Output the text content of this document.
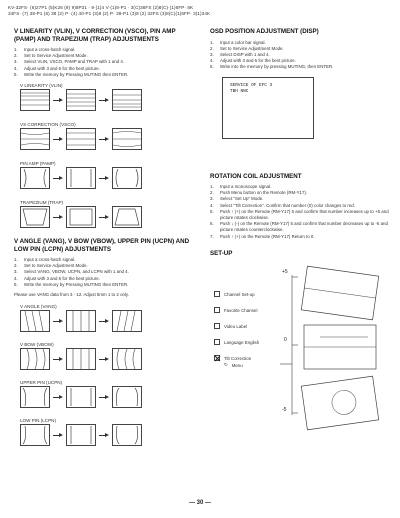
KV-32FS· (6)27P1 (5)K26 (9) 9)8P31 · 9·(1)4 V·(1)8-P1 · 3(C)36FS (2)8(C)·(1)6FP· 8K
34FS· (7) 38-P1 (6) 38 (2) P· (4) 40-P1 (3)8 (2) P· 39-P1 (3)8 (2) 32FS (3)8(C)(1)6FP· 3(1)34K
V LINEARITY (VLIN), V CORRECTION (VSCO), PIN AMP (PAMP) AND TRAPEZIUM (TRAP) ADJUSTMENTS
1.	Input a cross-hatch signal.
2.	Set to Service Adjustment Mode.
3.	Select VLIN, VSCO, PAMP and TRAP with 1 and 4.
4.	Adjust with 3 and 6 for the best picture.
5.	Write the memory by Pressing MUTING then ENTER.
V LINEARITY (VLIN)
VS CORRECTION (VSCO)
PIN AMP (PAMP)
TRAPEZIUM (TRAP)
V ANGLE (VANG), V BOW (VBOW), UPPER PIN (UCPN) AND LOW PIN (LCPN) ADJUSTMENTS
1.	Input a cross-hatch signal.
2.	Set to Service Adjustment Mode.
3.	Select VANG, VBOW, UCPN, and LCPN with 1 and 4.
4.	Adjust with 3 and 6 for the best picture.
5.	Write the memory by Pressing MUTING then ENTER.
Please use VANG data from 3 - 12. Adjust 5mm 1 to 2 only.
V ANGLE (VANG)
V BOW (VBOW)
UPPER PIN (UCPN)
LOW PIN (LCPN)
OSD POSITION ADJUSTMENT (DISP)
1.	Input a color bar signal.
2.	Set to Service Adjustment Mode.
3.	Select DISP with 1 and 4.
4.	Adjust with 3 and 6 for the best picture.
5.	Write into the memory by pressing MUTING, then ENTER.
SERVICE OF EFC 3
TBH NNC
ROTATION COIL ADJUSTMENT
1.	Input a monoscope signal.
2.	Push Menu button on the Remote (RM-Y17).
3.	Select "Set Up" Mode.
4.	Select "Tilt Correction". Confirm that number (0) color changes to red.
5.	Push ↑ (+) on the Remote (RM-Y17) 5 and confirm that number increases up to +5 and picture rotates clockwise.
6.	Push ↓ (-) on the Remote (RM-Y17) 5 and confirm that number decreases up to -5 and picture rotates counterclockwise.
7.	Push ↑ (+) on the Remote (RM-Y17) Return to 0.
SET-UP
Channel Set-up
Favorite Channel
Video Label
Language English
Tilt Correction
↻ Menu
+5
0
-5
— 30 —
